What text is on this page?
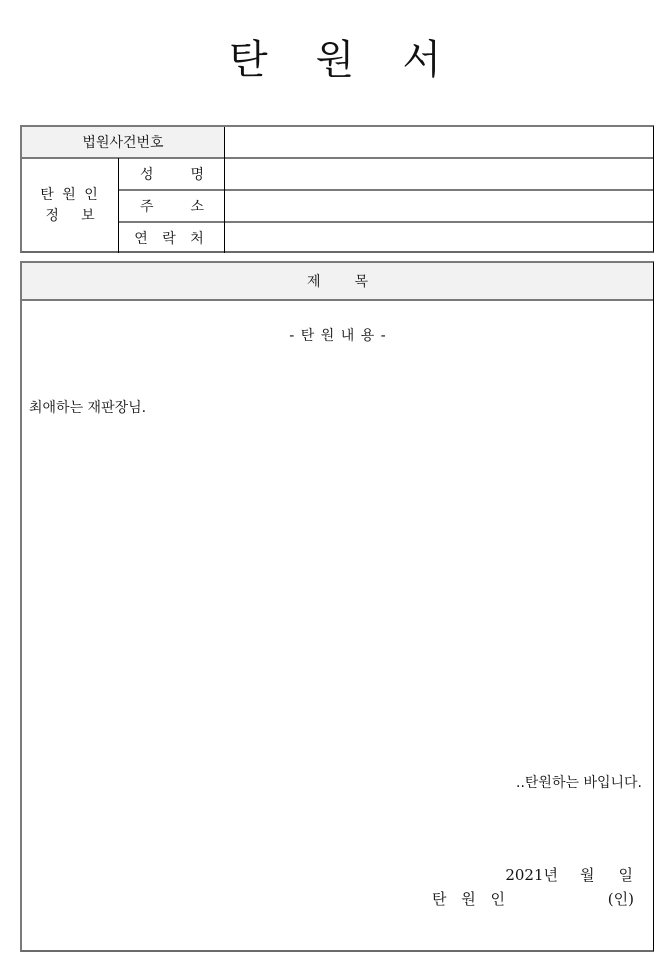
탄 원 서
법원사건번호
탄 원 인
정     보
성	명
주	소
연 락 처
제 목
- 탄 원 내 용 -
최애하는 재판장님.
..탄원하는 바입니다.
2021년 월 일
탄 원 인	(인)
